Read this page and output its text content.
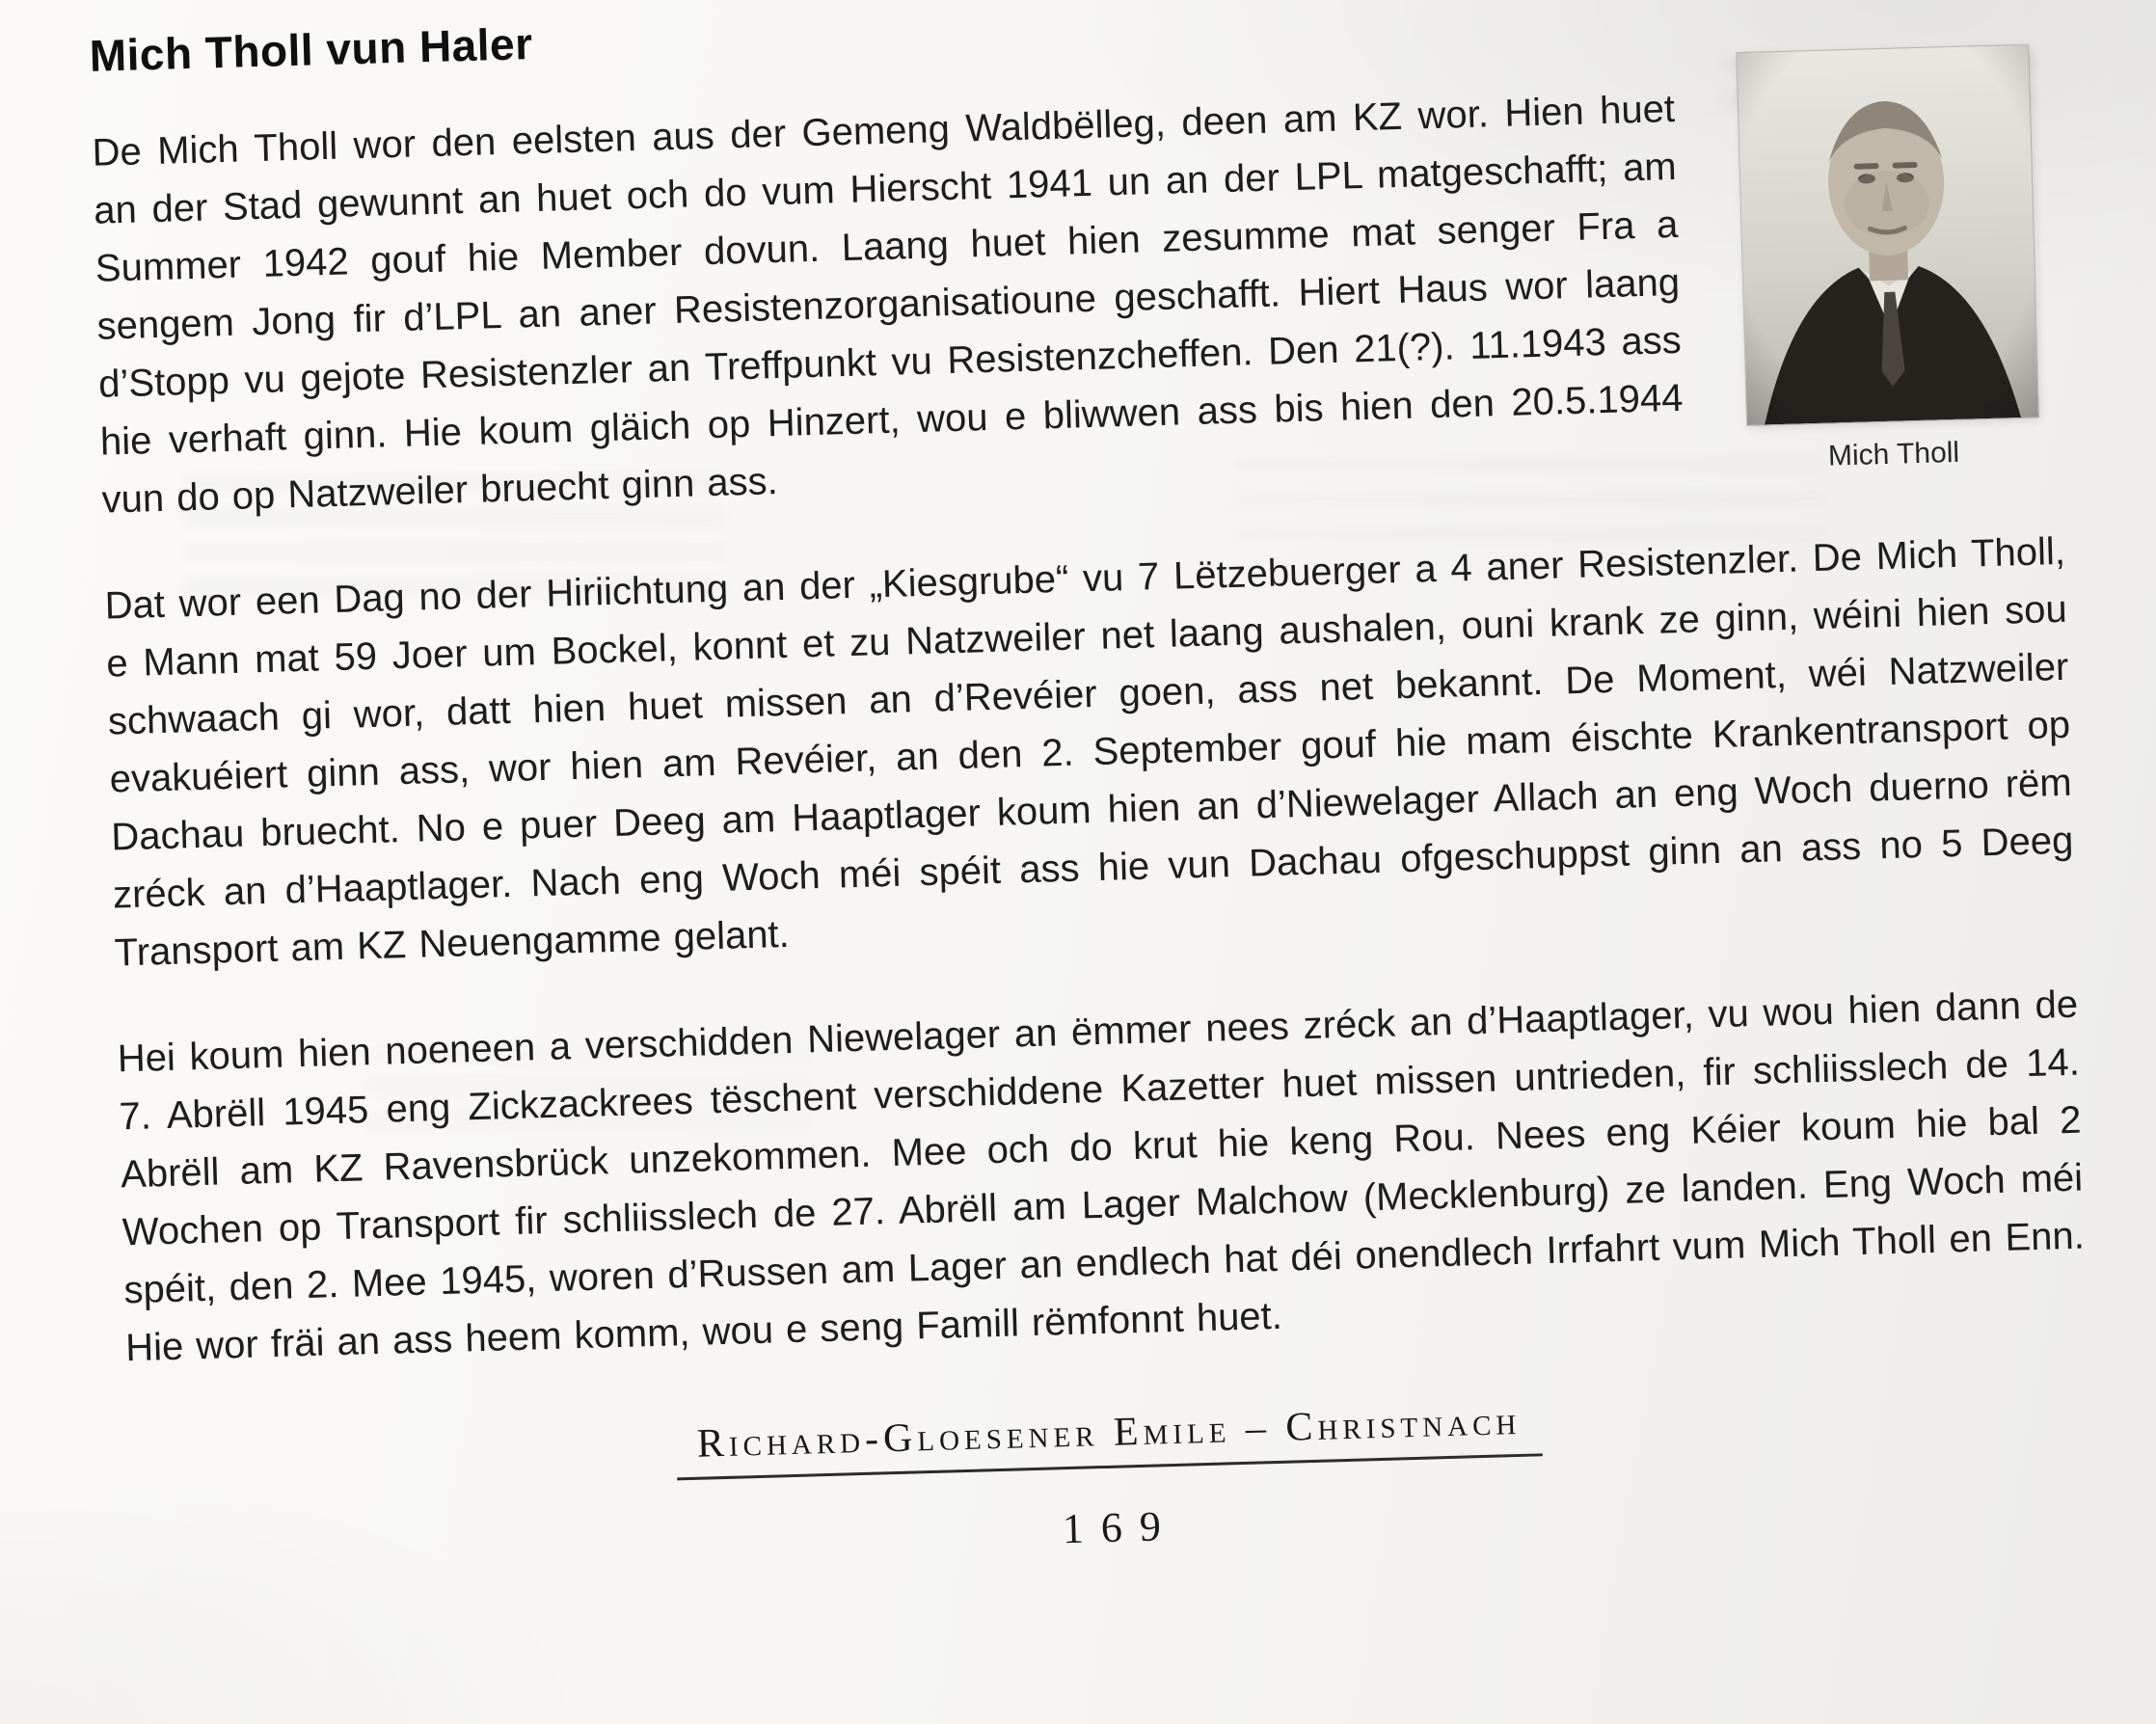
Mich Tholl vun Haler
Mich Tholl

De Mich Tholl wor den eelsten aus der Gemeng Waldbëlleg, deen am KZ wor. Hien huet an der Stad gewunnt an huet och do vum Hierscht 1941 un an der LPL matgeschafft; am Summer 1942 gouf hie Member dovun. Laang huet hien zesumme mat senger Fra a sengem Jong fir d’LPL an aner Resistenzorganisatioune geschafft. Hiert Haus wor laang d’Stopp vu gejote Resistenzler an Treffpunkt vu Resistenzcheffen. Den 21(?). 11.1943 ass hie verhaft ginn. Hie koum gläich op Hinzert, wou e bliwwen ass bis hien den 20.5.1944 vun do op Natzweiler bruecht ginn ass.

Dat wor een Dag no der Hiriichtung an der „Kiesgrube“ vu 7 Lëtzebuerger a 4 aner Resistenzler. De Mich Tholl, e Mann mat 59 Joer um Bockel, konnt et zu Natzweiler net laang aushalen, ouni krank ze ginn, wéini hien sou schwaach gi wor, datt hien huet missen an d’Revéier goen, ass net bekannt. De Moment, wéi Natzweiler evakuéiert ginn ass, wor hien am Revéier, an den 2. September gouf hie mam éischte Krankentransport op Dachau bruecht. No e puer Deeg am Haaptlager koum hien an d’Niewelager Allach an eng Woch duerno rëm zréck an d’Haaptlager. Nach eng Woch méi spéit ass hie vun Dachau ofgeschuppst ginn an ass no 5 Deeg Transport am KZ Neuengamme gelant.

Hei koum hien noeneen a verschidden Niewelager an ëmmer nees zréck an d’Haaptlager, vu wou hien dann de 7. Abrëll 1945 eng Zickzackrees tëschent verschiddene Kazetter huet missen untrieden, fir schliisslech de 14. Abrëll am KZ Ravensbrück unzekommen. Mee och do krut hie keng Rou. Nees eng Kéier koum hie bal 2 Wochen op Transport fir schliisslech de 27. Abrëll am Lager Malchow (Mecklenburg) ze landen. Eng Woch méi spéit, den 2. Mee 1945, woren d’Russen am Lager an endlech hat déi onendlech Irrfahrt vum Mich Tholl en Enn. Hie wor fräi an ass heem komm, wou e seng Famill rëmfonnt huet.

Richard-Gloesener Emile – Christnach
169
